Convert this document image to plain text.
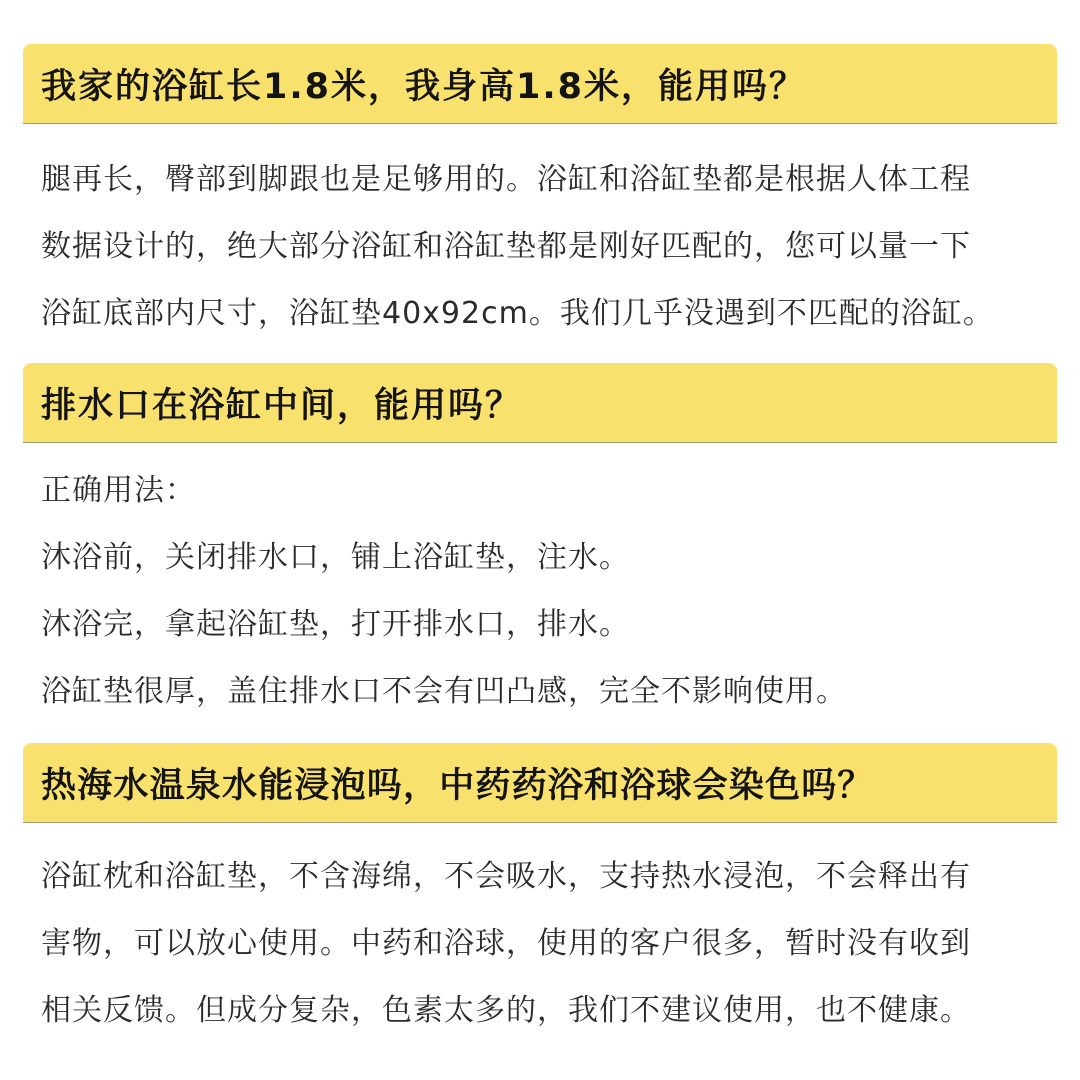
我家的浴缸长1.8米，我身高1.8米，能用吗？
腿再长，臀部到脚跟也是足够用的。浴缸和浴缸垫都是根据人体工程
数据设计的，绝大部分浴缸和浴缸垫都是刚好匹配的，您可以量一下
浴缸底部内尺寸，浴缸垫40x92cm。我们几乎没遇到不匹配的浴缸。
排水口在浴缸中间，能用吗？
正确用法：
沐浴前，关闭排水口，铺上浴缸垫，注水。
沐浴完，拿起浴缸垫，打开排水口，排水。
浴缸垫很厚，盖住排水口不会有凹凸感，完全不影响使用。
热海水温泉水能浸泡吗，中药药浴和浴球会染色吗？
浴缸枕和浴缸垫，不含海绵，不会吸水，支持热水浸泡，不会释出有
害物，可以放心使用。中药和浴球，使用的客户很多，暂时没有收到
相关反馈。但成分复杂，色素太多的，我们不建议使用，也不健康。
